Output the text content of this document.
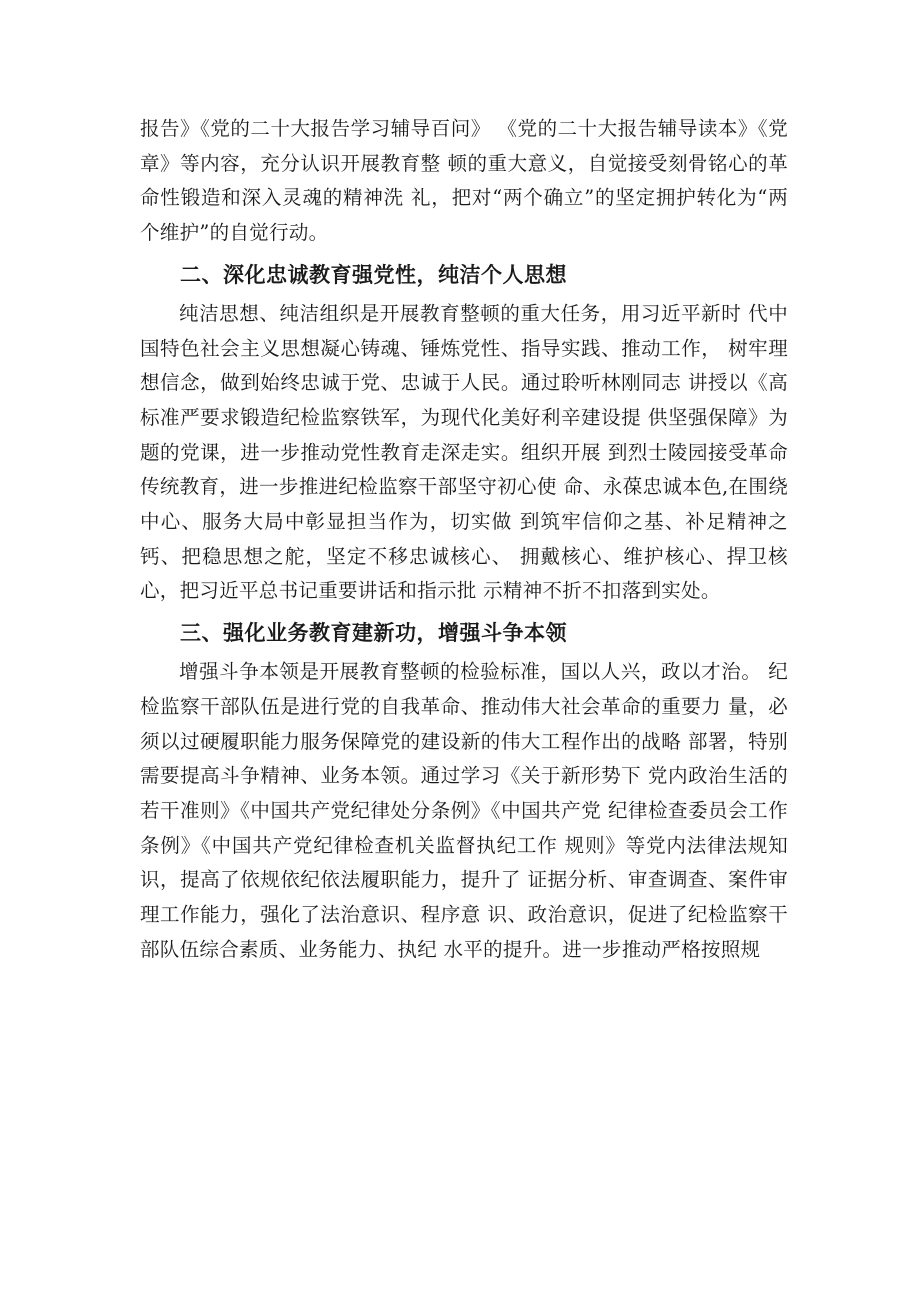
报告》《党的二十大报告学习辅导百问》 《党的二十大报告辅导读本》《党章》等内容，充分认识开展教育整 顿的重大意义，自觉接受刻骨铭心的革命性锻造和深入灵魂的精神洗 礼，把对“两个确立”的坚定拥护转化为“两个维护”的自觉行动。

二、深化忠诚教育强党性，纯洁个人思想

纯洁思想、纯洁组织是开展教育整顿的重大任务，用习近平新时 代中国特色社会主义思想凝心铸魂、锤炼党性、指导实践、推动工作， 树牢理想信念，做到始终忠诚于党、忠诚于人民。通过聆听林刚同志 讲授以《高标准严要求锻造纪检监察铁军，为现代化美好利辛建设提 供坚强保障》为题的党课，进一步推动党性教育走深走实。组织开展 到烈士陵园接受革命传统教育，进一步推进纪检监察干部坚守初心使 命、永葆忠诚本色,在围绕中心、服务大局中彰显担当作为，切实做 到筑牢信仰之基、补足精神之钙、把稳思想之舵，坚定不移忠诚核心、 拥戴核心、维护核心、捍卫核心，把习近平总书记重要讲话和指示批 示精神不折不扣落到实处。

三、强化业务教育建新功，增强斗争本领

增强斗争本领是开展教育整顿的检验标准，国以人兴，政以才治。 纪检监察干部队伍是进行党的自我革命、推动伟大社会革命的重要力 量，必须以过硬履职能力服务保障党的建设新的伟大工程作出的战略 部署，特别需要提高斗争精神、业务本领。通过学习《关于新形势下 党内政治生活的若干准则》《中国共产党纪律处分条例》《中国共产党 纪律检查委员会工作条例》《中国共产党纪律检查机关监督执纪工作 规则》等党内法律法规知识，提高了依规依纪依法履职能力，提升了 证据分析、审查调查、案件审理工作能力，强化了法治意识、程序意 识、政治意识，促进了纪检监察干部队伍综合素质、业务能力、执纪 水平的提升。进一步推动严格按照规
